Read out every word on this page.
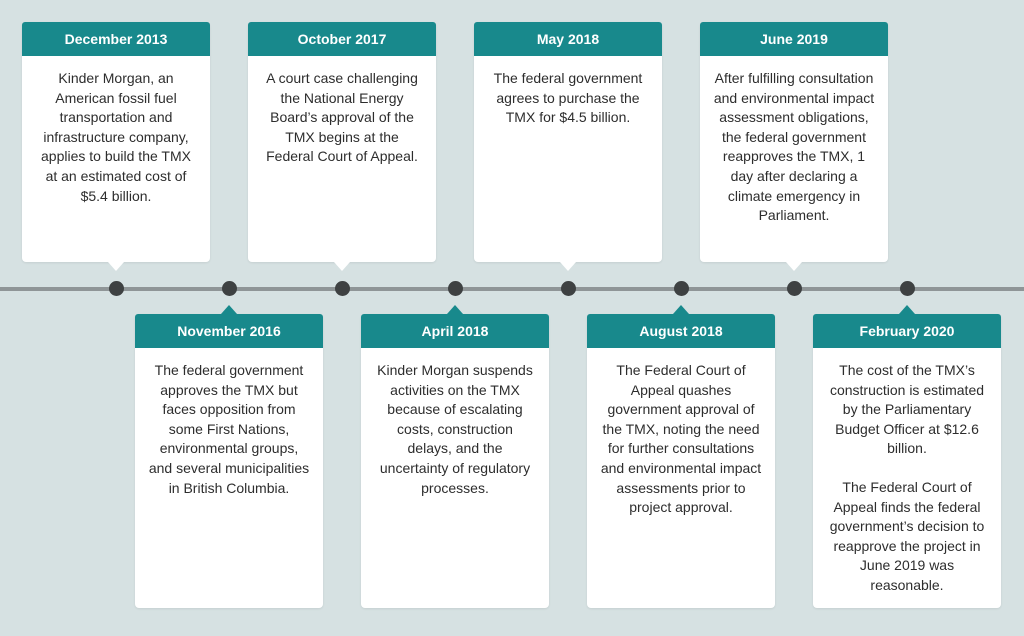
December 2013

Kinder Morgan, an American fossil fuel transportation and infrastructure company, applies to build the TMX at an estimated cost of $5.4 billion.

October 2017

A court case challenging the National Energy Board’s approval of the TMX begins at the Federal Court of Appeal.

May 2018

The federal government agrees to purchase the TMX for $4.5 billion.

June 2019

After fulfilling consultation and environmental impact assessment obligations, the federal government reapproves the TMX, 1 day after declaring a climate emergency in Parliament.

November 2016

The federal government approves the TMX but faces opposition from some First Nations, environmental groups, and several municipalities in British Columbia.

April 2018

Kinder Morgan suspends activities on the TMX because of escalating costs, construction delays, and the uncertainty of regulatory processes.

August 2018

The Federal Court of Appeal quashes government approval of the TMX, noting the need for further consultations and environmental impact assessments prior to project approval.

February 2020

The cost of the TMX’s construction is estimated by the Parliamentary Budget Officer at $12.6 billion.

The Federal Court of Appeal finds the federal government’s decision to reapprove the project in June 2019 was reasonable.
